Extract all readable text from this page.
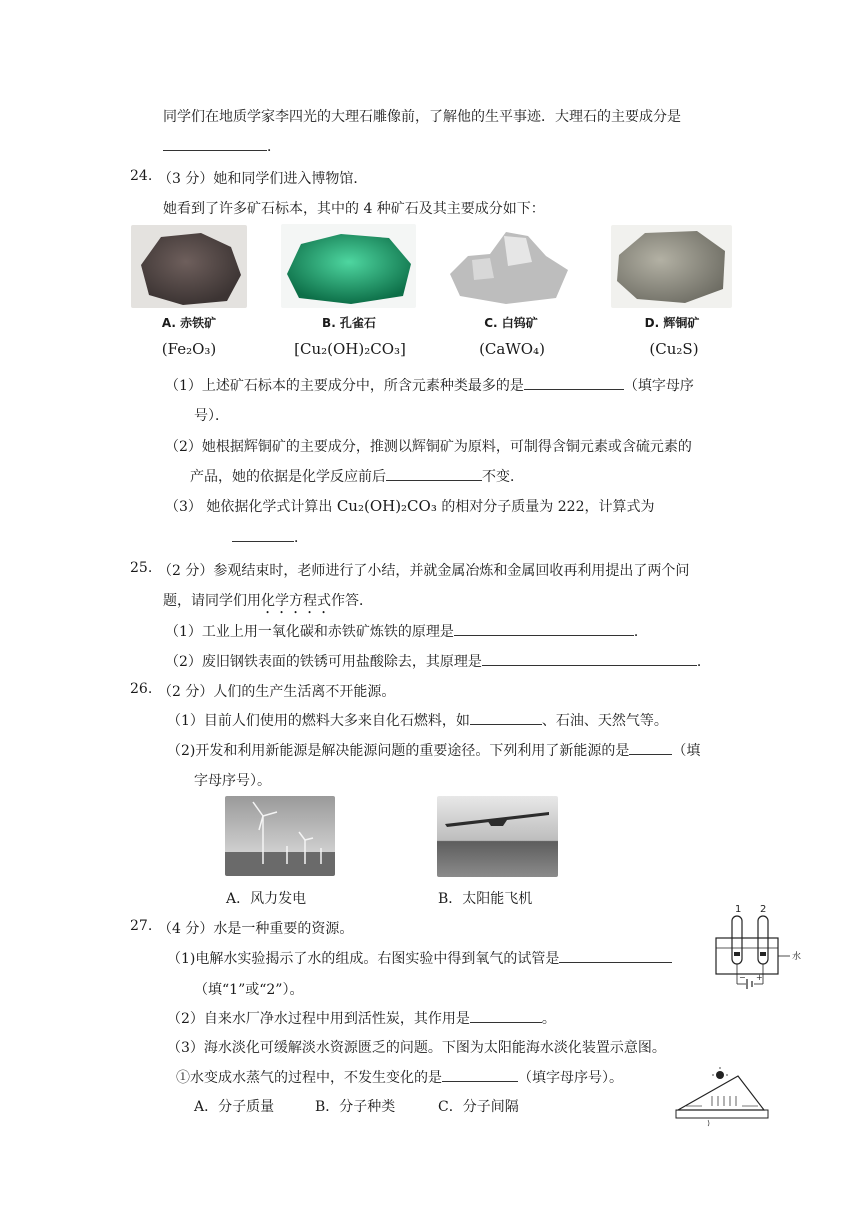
同学们在地质学家李四光的大理石雕像前，了解他的生平事迹．大理石的主要成分是
．
24. （3 分）她和同学们进入博物馆．
她看到了许多矿石标本，其中的 4 种矿石及其主要成分如下：
A. 赤铁矿	B. 孔雀石	C. 白钨矿	D. 辉铜矿
(Fe₂O₃)	[Cu₂(OH)₂CO₃]	(CaWO₄)	(Cu₂S)
（1）上述矿石标本的主要成分中，所含元素种类最多的是	（填字母序
号）．
（2）她根据辉铜矿的主要成分，推测以辉铜矿为原料，可制得含铜元素或含硫元素的
产品，她的依据是化学反应前后	不变．
（3） 她依据化学式计算出 Cu₂(OH)₂CO₃ 的相对分子质量为 222，计算式为
．
25. （2 分）参观结束时，老师进行了小结，并就金属冶炼和金属回收再利用提出了两个问
题，请同学们用化学方程式作答．
（1）工业上用一氧化碳和赤铁矿炼铁的原理是	．
（2）废旧钢铁表面的铁锈可用盐酸除去，其原理是	．
26. （2 分）人们的生产生活离不开能源。
（1）目前人们使用的燃料大多来自化石燃料，如	、石油、天然气等。
（2)开发和利用新能源是解决能源问题的重要途径。下列利用了新能源的是	（填
字母序号）。
A．风力发电	B．太阳能飞机
27. （4 分）水是一种重要的资源。
（1)电解水实验揭示了水的组成。右图实验中得到氧气的试管是
（填“1”或“2”）。
1 2
水
− +
（2）自来水厂净水过程中用到活性炭，其作用是	。
（3）海水淡化可缓解淡水资源匮乏的问题。下图为太阳能海水淡化装置示意图。
①水变成水蒸气的过程中，不发生变化的是	（填字母序号）。
A．分子质量	B．分子种类	C．分子间隔
